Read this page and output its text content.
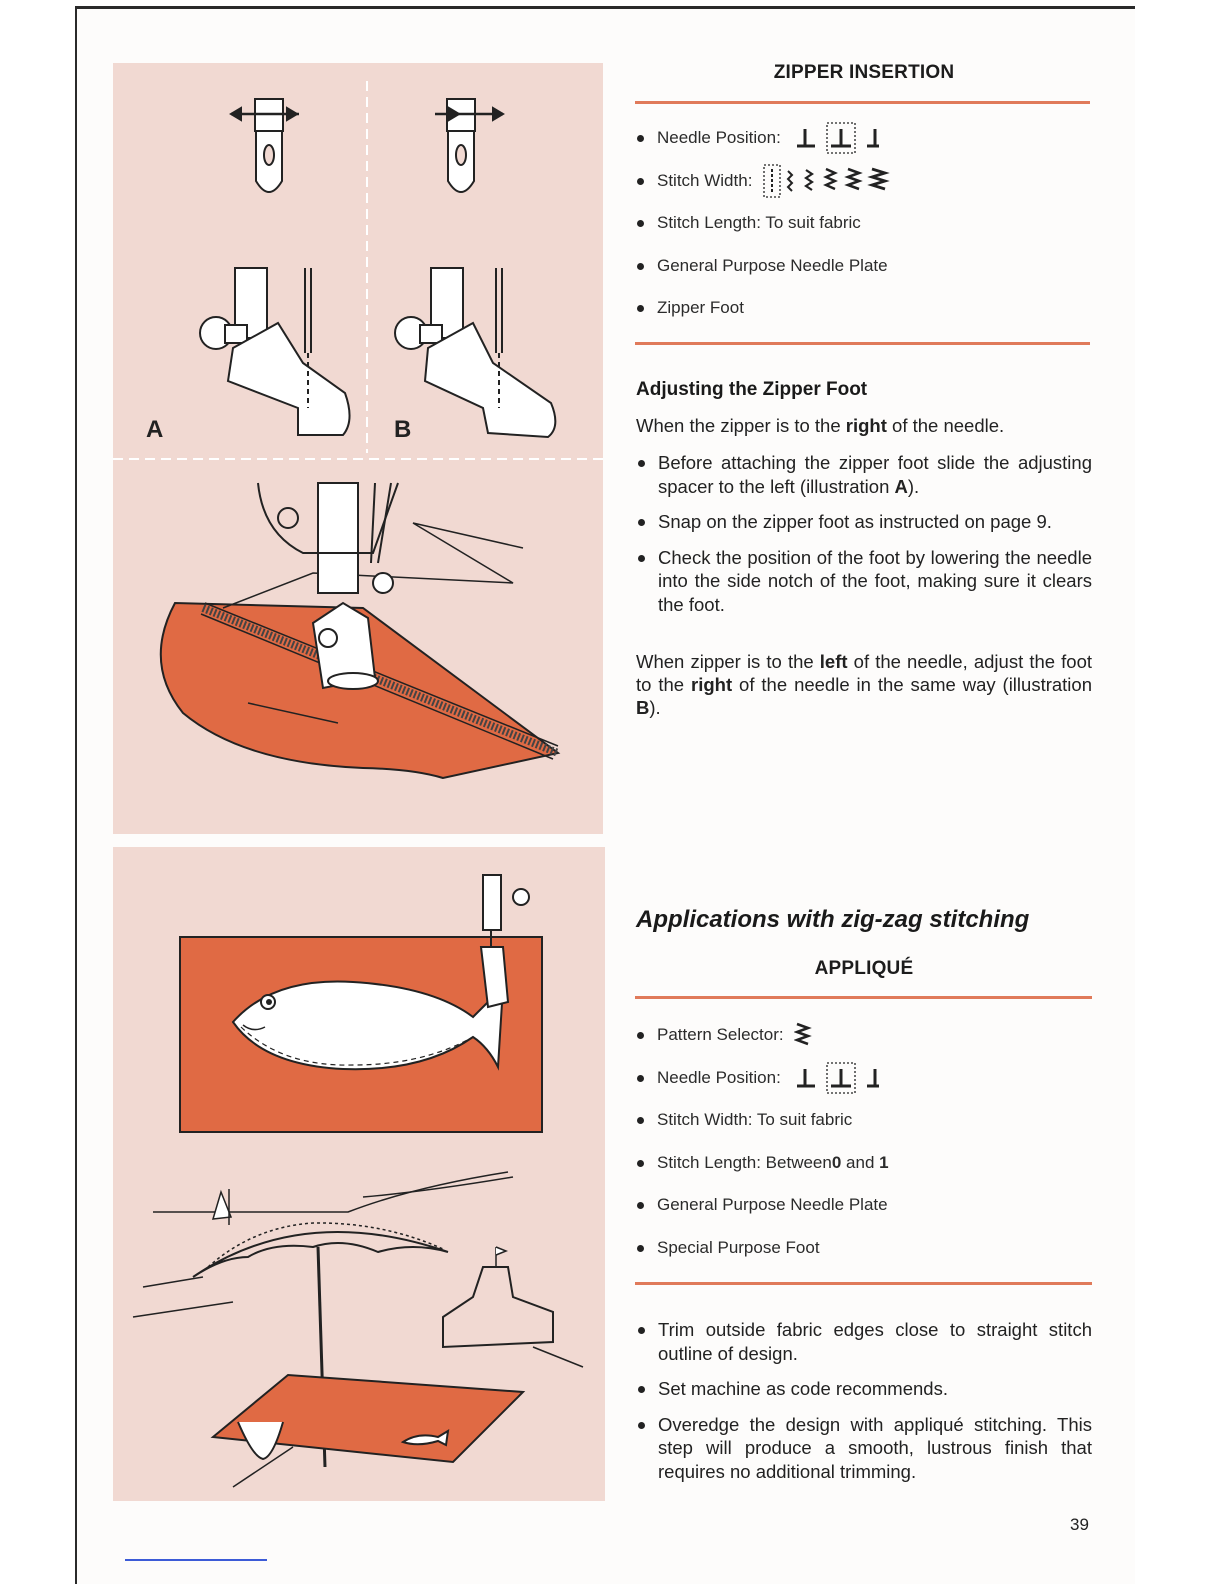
A	B
ZIPPER INSERTION
Needle Position:
Stitch Width:
Stitch Length: To suit fabric
General Purpose Needle Plate
Zipper Foot
Adjusting the Zipper Foot
When the zipper is to the right of the needle.
Before attaching the zipper foot slide the adjusting spacer to the left (illustration A).
Snap on the zipper foot as instructed on page 9.
Check the position of the foot by lowering the needle into the side notch of the foot, making sure it clears the foot.
When zipper is to the left of the needle, adjust the foot to the right of the needle in the same way (illustration B).
Applications with zig-zag stitching
APPLIQUÉ
Pattern Selector:
Needle Position:
Stitch Width: To suit fabric
Stitch Length: Between 0 and 1
General Purpose Needle Plate
Special Purpose Foot
Trim outside fabric edges close to straight stitch outline of design.
Set machine as code recommends.
Overedge the design with appliqué stitching. This step will produce a smooth, lustrous finish that requires no additional trimming.
39
